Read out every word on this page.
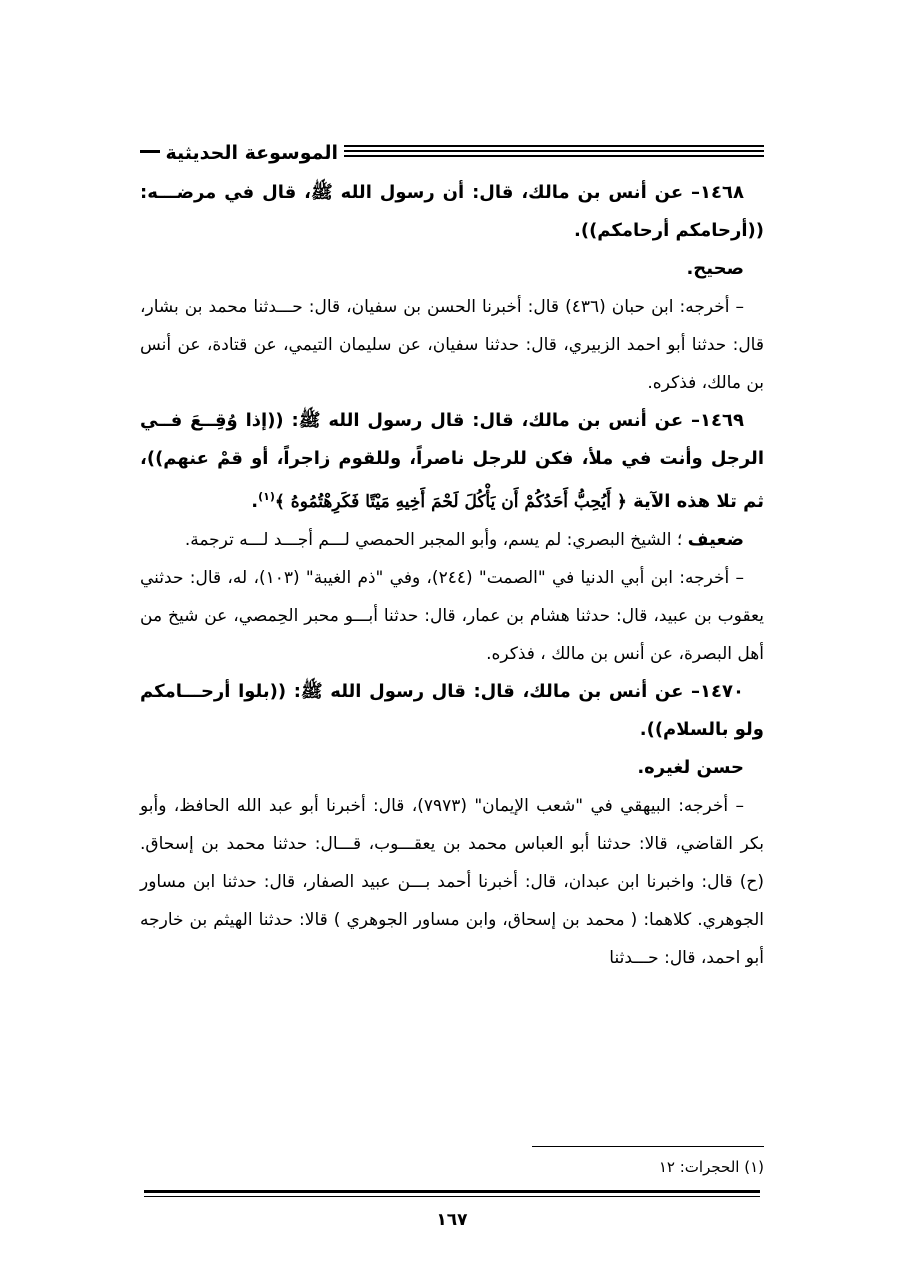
الموسوعة الحديثية

١٤٦٨– عن أنس بن مالك، قال: أن رسول الله ﷺ، قال في مرضـــه: ((أرحامكم أرحامكم)).

صحيح.

– أخرجه: ابن حبان (٤٣٦) قال: أخبرنا الحسن بن سفيان، قال: حـــدثنا محمد بن بشار، قال: حدثنا أبو احمد الزبيري، قال: حدثنا سفيان، عن سليمان التيمي، عن قتادة، عن أنس بن مالك، فذكره.

١٤٦٩– عن أنس بن مالك، قال: قال رسول الله ﷺ: ((إذا وُقِــعَ فــي الرجل وأنت في ملأ، فكن للرجل ناصراً، وللقوم زاجراً، أو قمْ عنهم))، ثم تلا هذه الآية ﴿ أَيُحِبُّ أَحَدُكُمْ أَن يَأْكُلَ لَحْمَ أَخِيهِ مَيْتًا فَكَرِهْتُمُوهُ ﴾$^{(١)}$.

ضعيف ؛ الشيخ البصري: لم يسم، وأبو المجبر الحمصي لـــم أجـــد لـــه ترجمة.

– أخرجه: ابن أبي الدنيا في "الصمت" (٢٤٤)، وفي "ذم الغيبة" (١٠٣)، له، قال: حدثني يعقوب بن عبيد، قال: حدثنا هشام بن عمار، قال: حدثنا أبـــو محبر الحِمصي، عن شيخ من أهل البصرة، عن أنس بن مالك ، فذكره.

١٤٧٠– عن أنس بن مالك، قال: قال رسول الله ﷺ: ((بلوا أرحـــامكم ولو بالسلام)).

حسن لغيره.

– أخرجه: البيهقي في "شعب الإيمان" (٧٩٧٣)، قال: أخبرنا أبو عبد الله الحافظ، وأبو بكر القاضي، قالا: حدثنا أبو العباس محمد بن يعقـــوب، قـــال: حدثنا محمد بن إسحاق. (ح) قال: واخبرنا ابن عبدان، قال: أخبرنا أحمد بـــن عبيد الصفار، قال: حدثنا ابن مساور الجوهري. كلاهما: ( محمد بن إسحاق، وابن مساور الجوهري ) قالا: حدثنا الهيثم بن خارجه أبو احمد، قال: حـــدثنا

(١) الحجرات: ١٢
١٦٧
